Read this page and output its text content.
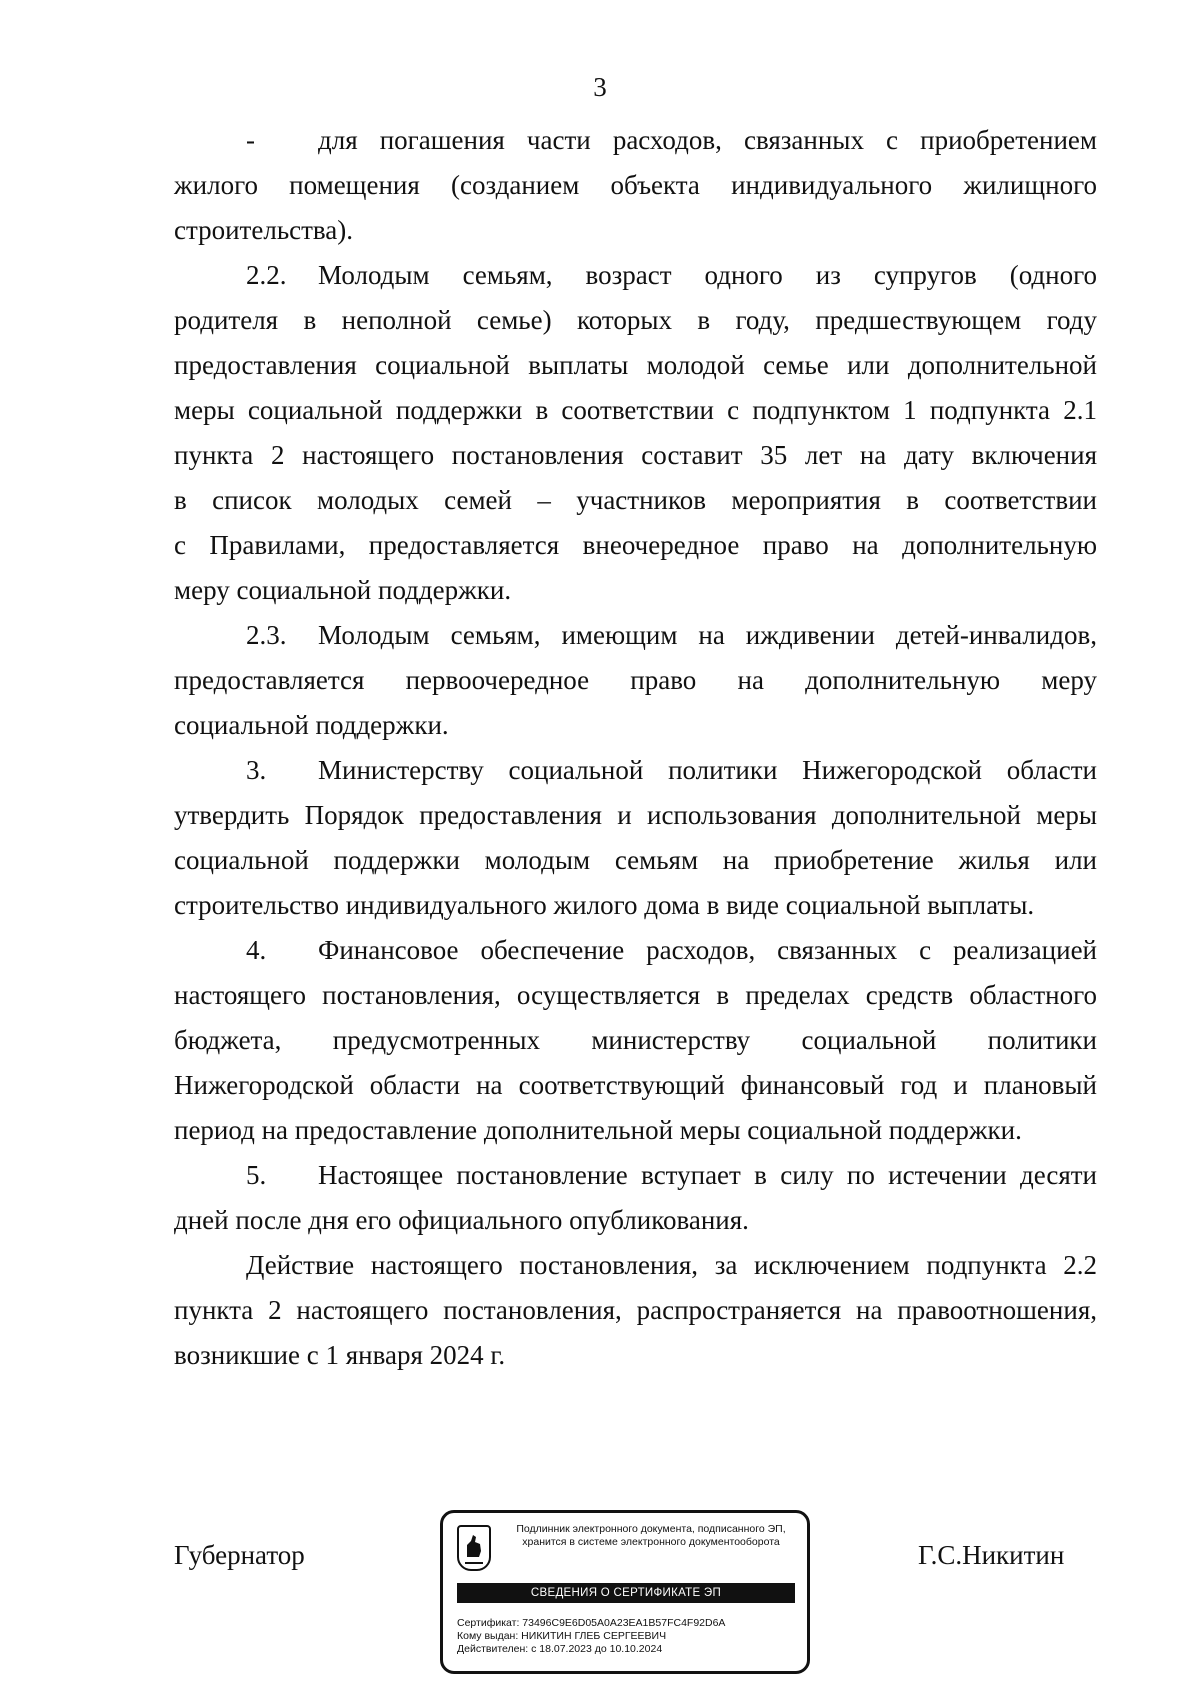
3
- для погашения части расходов, связанных с приобретением
жилого помещения (созданием объекта индивидуального жилищного
строительства).
2.2. Молодым семьям, возраст одного из супругов (одного
родителя в неполной семье) которых в году, предшествующем году
предоставления социальной выплаты молодой семье или дополнительной
меры социальной поддержки в соответствии с подпунктом 1 подпункта 2.1
пункта 2 настоящего постановления составит 35 лет на дату включения
в список молодых семей – участников мероприятия в соответствии
с Правилами, предоставляется внеочередное право на дополнительную
меру социальной поддержки.
2.3. Молодым семьям, имеющим на иждивении детей-инвалидов,
предоставляется первоочередное право на дополнительную меру
социальной поддержки.
3. Министерству социальной политики Нижегородской области
утвердить Порядок предоставления и использования дополнительной меры
социальной поддержки молодым семьям на приобретение жилья или
строительство индивидуального жилого дома в виде социальной выплаты.
4. Финансовое обеспечение расходов, связанных с реализацией
настоящего постановления, осуществляется в пределах средств областного
бюджета, предусмотренных министерству социальной политики
Нижегородской области на соответствующий финансовый год и плановый
период на предоставление дополнительной меры социальной поддержки.
5. Настоящее постановление вступает в силу по истечении десяти
дней после дня его официального опубликования.
Действие настоящего постановления, за исключением подпункта 2.2
пункта 2 настоящего постановления, распространяется на правоотношения,
возникшие с 1 января 2024 г.
Губернатор
Подлинник электронного документа, подписанного ЭП,
хранится в системе электронного документооборота
СВЕДЕНИЯ О СЕРТИФИКАТЕ ЭП
Сертификат: 73496C9E6D05A0A23EA1B57FC4F92D6A
Кому выдан: НИКИТИН ГЛЕБ СЕРГЕЕВИЧ
Действителен: с 18.07.2023 до 10.10.2024
Г.С.Никитин
